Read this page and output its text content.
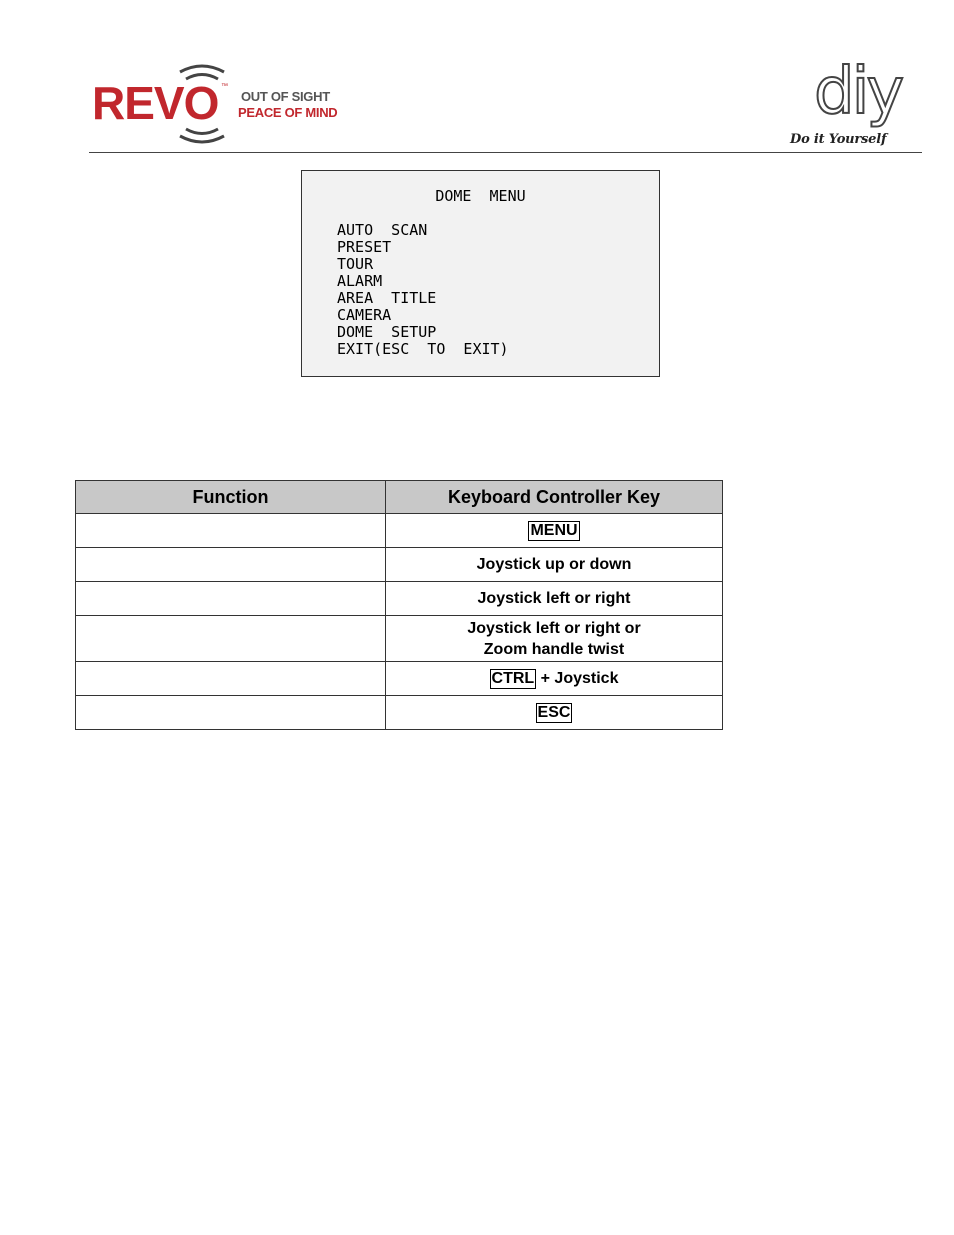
REVO ™
OUT OF SIGHT
PEACE OF MIND	diy
Do it Yourself
DOME  MENU
AUTO  SCAN
PRESET
TOUR
ALARM
AREA  TITLE
CAMERA
DOME  SETUP
EXIT(ESC  TO  EXIT)
Function	Keyboard Controller Key
	MENU
	Joystick up or down
	Joystick left or right
	Joystick left or right or
Zoom handle twist
	CTRL + Joystick
	ESC
